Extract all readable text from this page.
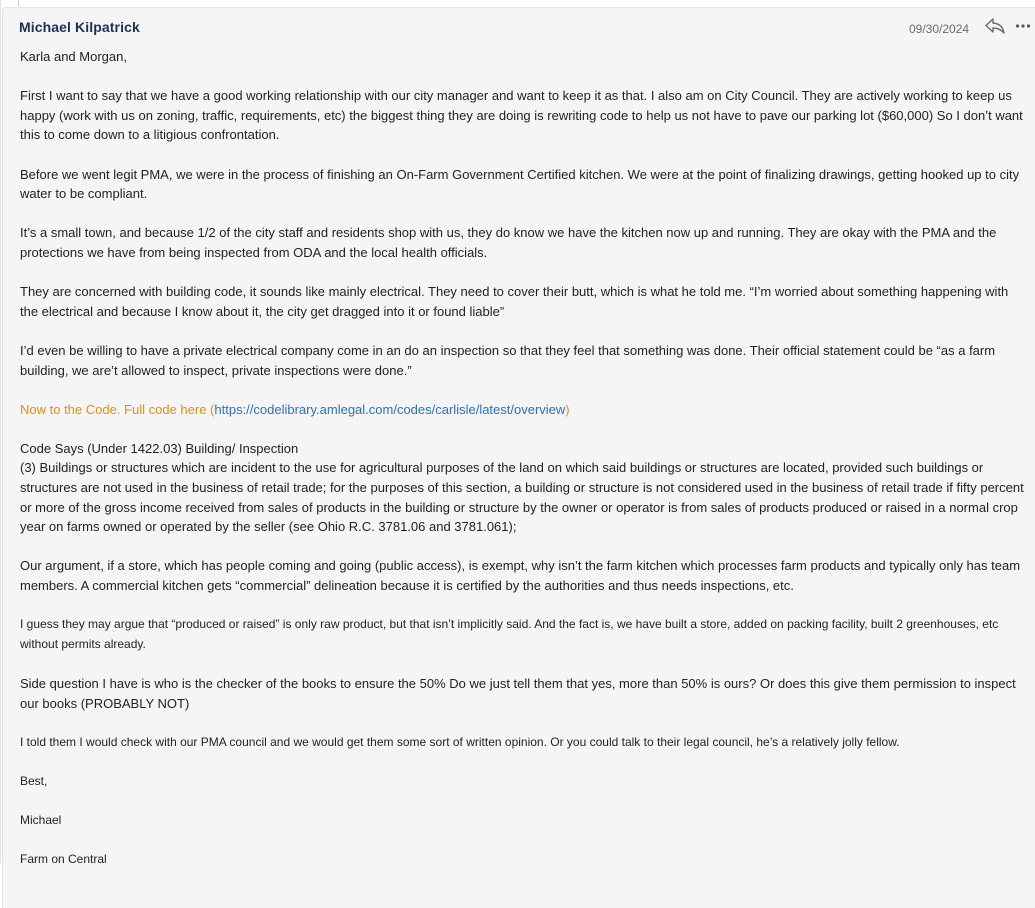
Michael Kilpatrick	09/30/2024

Karla and Morgan,

First I want to say that we have a good working relationship with our city manager and want to keep it as that. I also am on City Council. They are actively working to keep us happy (work with us on zoning, traffic, requirements, etc) the biggest thing they are doing is rewriting code to help us not have to pave our parking lot ($60,000) So I don’t want this to come down to a litigious confrontation.

Before we went legit PMA, we were in the process of finishing an On-Farm Government Certified kitchen. We were at the point of finalizing drawings, getting hooked up to city water to be compliant.

It’s a small town, and because 1/2 of the city staff and residents shop with us, they do know we have the kitchen now up and running. They are okay with the PMA and the protections we have from being inspected from ODA and the local health officials.

They are concerned with building code, it sounds like mainly electrical. They need to cover their butt, which is what he told me. “I’m worried about something happening with the electrical and because I know about it, the city get dragged into it or found liable”

I’d even be willing to have a private electrical company come in an do an inspection so that they feel that something was done. Their official statement could be “as a farm building, we are’t allowed to inspect, private inspections were done.”

Now to the Code. Full code here (https://codelibrary.amlegal.com/codes/carlisle/latest/overview)

Code Says (Under 1422.03) Building/ Inspection

(3) Buildings or structures which are incident to the use for agricultural purposes of the land on which said buildings or structures are located, provided such buildings or structures are not used in the business of retail trade; for the purposes of this section, a building or structure is not considered used in the business of retail trade if fifty percent or more of the gross income received from sales of products in the building or structure by the owner or operator is from sales of products produced or raised in a normal crop year on farms owned or operated by the seller (see Ohio R.C. 3781.06 and 3781.061);

Our argument, if a store, which has people coming and going (public access), is exempt, why isn’t the farm kitchen which processes farm products and typically only has team members. A commercial kitchen gets “commercial” delineation because it is certified by the authorities and thus needs inspections, etc.

I guess they may argue that “produced or raised” is only raw product, but that isn’t implicitly said. And the fact is, we have built a store, added on packing facility, built 2 greenhouses, etc without permits already.

Side question I have is who is the checker of the books to ensure the 50% Do we just tell them that yes, more than 50% is ours? Or does this give them permission to inspect our books (PROBABLY NOT)

I told them I would check with our PMA council and we would get them some sort of written opinion. Or you could talk to their legal council, he’s a relatively jolly fellow.

Best,

Michael

Farm on Central
